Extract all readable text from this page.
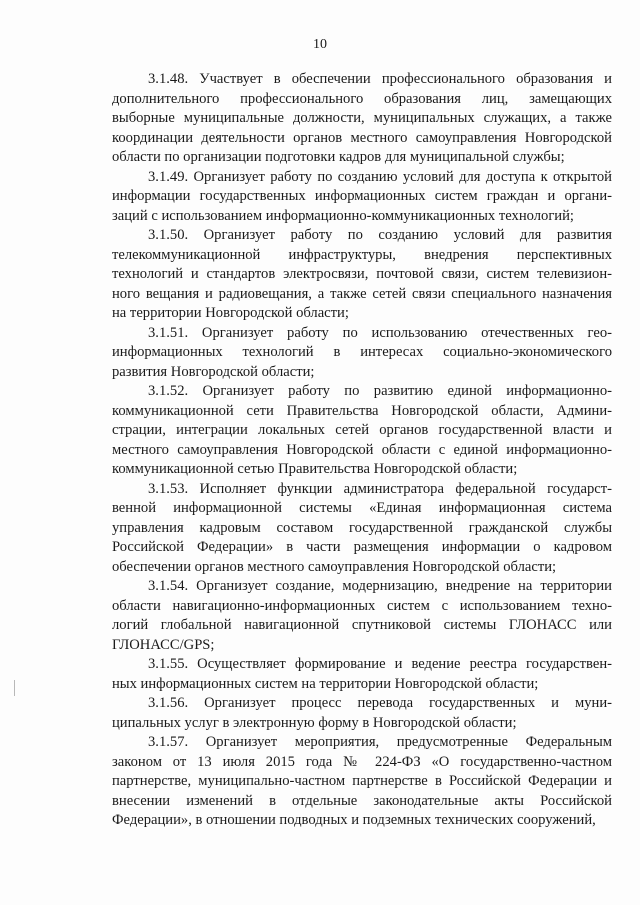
10
3.1.48. Участвует в обеспечении профессионального образования и
дополнительного профессионального образования лиц, замещающих
выборные муниципальные должности, муниципальных служащих, а также
координации деятельности органов местного самоуправления Новгородской
области по организации подготовки кадров для муниципальной службы;
3.1.49. Организует работу по созданию условий для доступа к открытой
информации государственных информационных систем граждан и органи-
заций с использованием информационно-коммуникационных технологий;
3.1.50. Организует работу по созданию условий для развития
телекоммуникационной инфраструктуры, внедрения перспективных
технологий и стандартов электросвязи, почтовой связи, систем телевизион-
ного вещания и радиовещания, а также сетей связи специального назначения
на территории Новгородской области;
3.1.51. Организует работу по использованию отечественных гео-
информационных технологий в интересах социально-экономического
развития Новгородской области;
3.1.52. Организует работу по развитию единой информационно-
коммуникационной сети Правительства Новгородской области, Админи-
страции, интеграции локальных сетей органов государственной власти и
местного самоуправления Новгородской области с единой информационно-
коммуникационной сетью Правительства Новгородской области;
3.1.53. Исполняет функции администратора федеральной государст-
венной информационной системы «Единая информационная система
управления кадровым составом государственной гражданской службы
Российской Федерации» в части размещения информации о кадровом
обеспечении органов местного самоуправления Новгородской области;
3.1.54. Организует создание, модернизацию, внедрение на территории
области навигационно-информационных систем с использованием техно-
логий глобальной навигационной спутниковой системы ГЛОНАСС или
ГЛОНАСС/GPS;
3.1.55. Осуществляет формирование и ведение реестра государствен-
ных информационных систем на территории Новгородской области;
3.1.56. Организует процесс перевода государственных и муни-
ципальных услуг в электронную форму в Новгородской области;
3.1.57. Организует мероприятия, предусмотренные Федеральным
законом от 13 июля 2015 года № 224-ФЗ «О государственно-частном
партнерстве, муниципально-частном партнерстве в Российской Федерации и
внесении изменений в отдельные законодательные акты Российской
Федерации», в отношении подводных и подземных технических сооружений,
